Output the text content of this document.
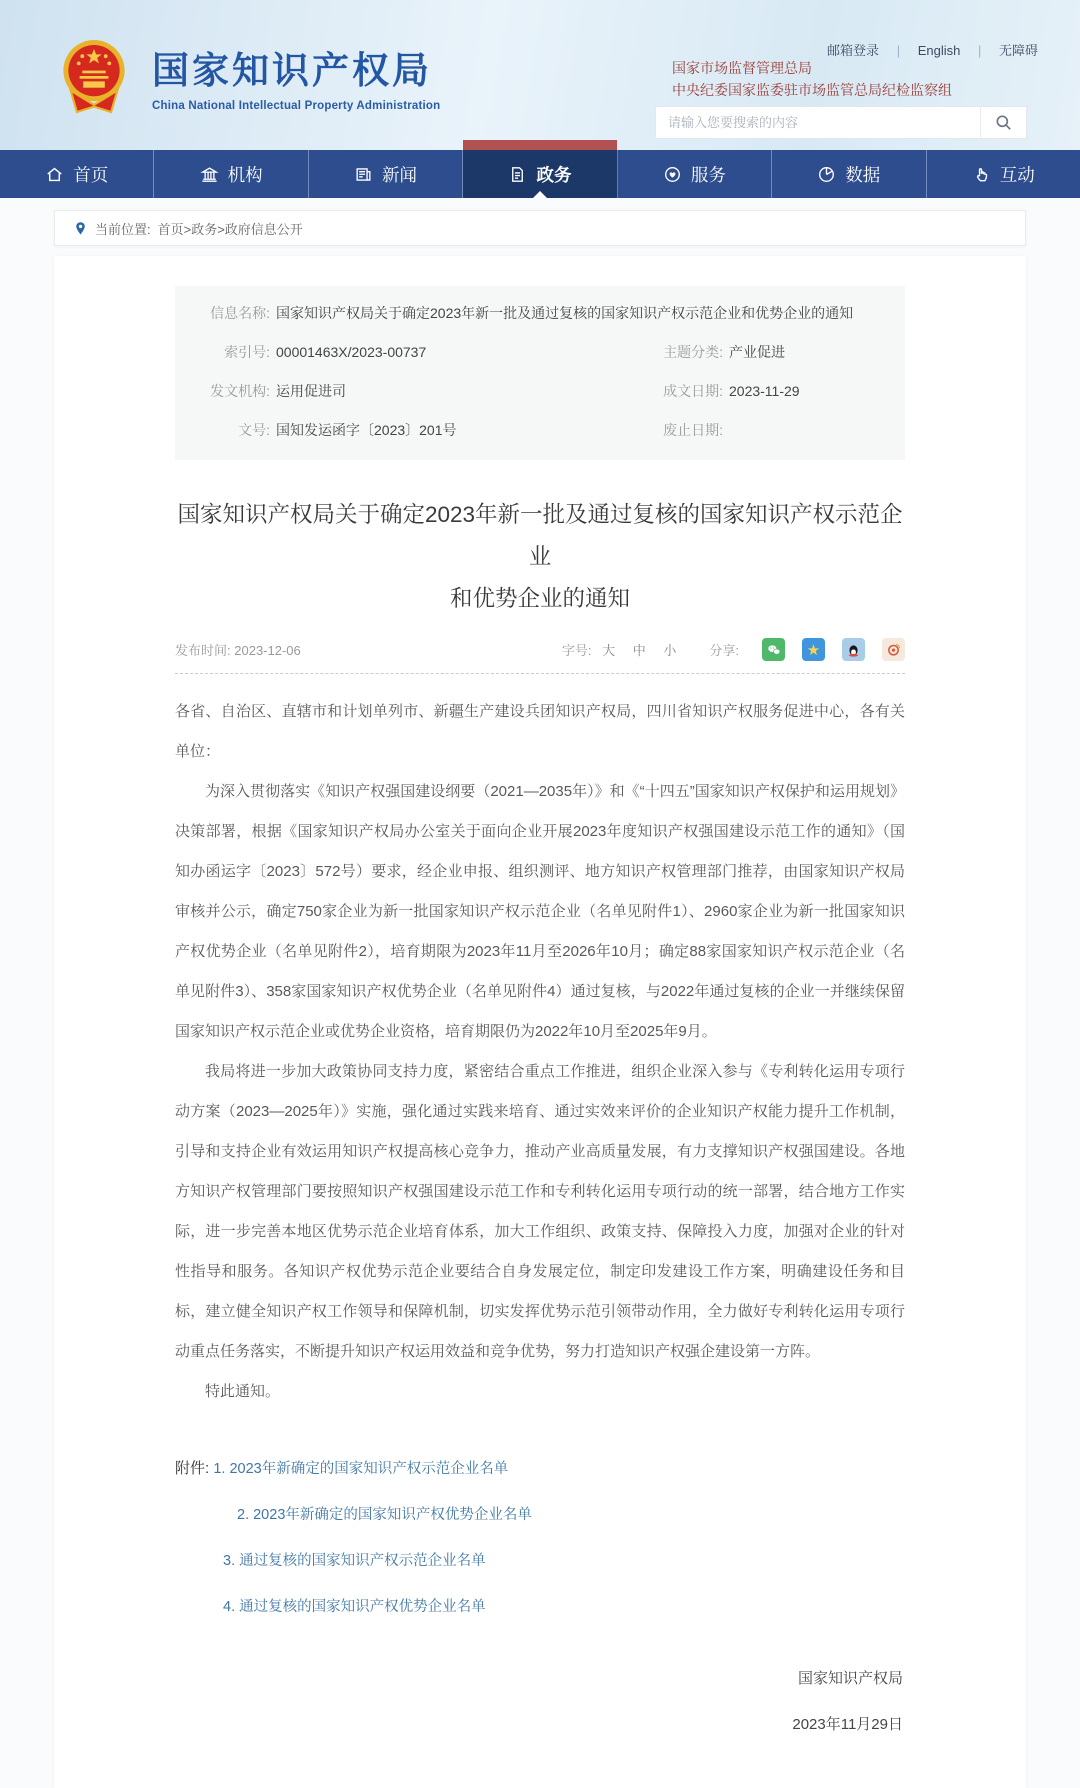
国家知识产权局
China National Intellectual Property Administration
邮箱登录 | English | 无障碍
国家市场监督管理总局
中央纪委国家监委驻市场监管总局纪检监察组
请输入您要搜索的内容
首页	机构	新闻	政务	服务	数据	互动
当前位置: 首页>政务>政府信息公开
信息名称: 国家知识产权局关于确定2023年新一批及通过复核的国家知识产权示范企业和优势企业的通知
索引号: 00001463X/2023-00737	主题分类: 产业促进
发文机构: 运用促进司	成文日期: 2023-11-29
文号: 国知发运函字〔2023〕201号	废止日期:
国家知识产权局关于确定2023年新一批及通过复核的国家知识产权示范企业
和优势企业的通知
发布时间: 2023-12-06	字号: 大 中 小	分享:	★

各省、自治区、直辖市和计划单列市、新疆生产建设兵团知识产权局，四川省知识产权服务促进中心，各有关单位：

为深入贯彻落实《知识产权强国建设纲要（2021—2035年）》和《“十四五”国家知识产权保护和运用规划》决策部署，根据《国家知识产权局办公室关于面向企业开展2023年度知识产权强国建设示范工作的通知》（国知办函运字〔2023〕572号）要求，经企业申报、组织测评、地方知识产权管理部门推荐，由国家知识产权局审核并公示，确定750家企业为新一批国家知识产权示范企业（名单见附件1）、2960家企业为新一批国家知识产权优势企业（名单见附件2），培育期限为2023年11月至2026年10月；确定88家国家知识产权示范企业（名单见附件3）、358家国家知识产权优势企业（名单见附件4）通过复核，与2022年通过复核的企业一并继续保留国家知识产权示范企业或优势企业资格，培育期限仍为2022年10月至2025年9月。

我局将进一步加大政策协同支持力度，紧密结合重点工作推进，组织企业深入参与《专利转化运用专项行动方案（2023—2025年）》实施，强化通过实践来培育、通过实效来评价的企业知识产权能力提升工作机制，引导和支持企业有效运用知识产权提高核心竞争力，推动产业高质量发展，有力支撑知识产权强国建设。各地方知识产权管理部门要按照知识产权强国建设示范工作和专利转化运用专项行动的统一部署，结合地方工作实际，进一步完善本地区优势示范企业培育体系，加大工作组织、政策支持、保障投入力度，加强对企业的针对性指导和服务。各知识产权优势示范企业要结合自身发展定位，制定印发建设工作方案，明确建设任务和目标，建立健全知识产权工作领导和保障机制，切实发挥优势示范引领带动作用，全力做好专利转化运用专项行动重点任务落实，不断提升知识产权运用效益和竞争优势，努力打造知识产权强企建设第一方阵。

特此通知。

附件:
1. 2023年新确定的国家知识产权示范企业名单
2. 2023年新确定的国家知识产权优势企业名单
3. 通过复核的国家知识产权示范企业名单
4. 通过复核的国家知识产权优势企业名单
国家知识产权局
2023年11月29日
